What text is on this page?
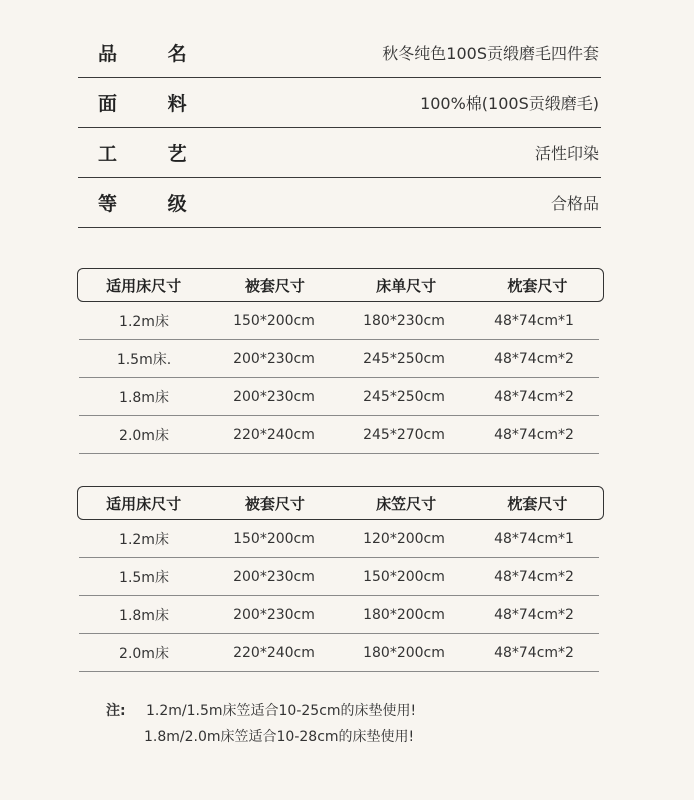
品 名	秋冬纯色100S贡缎磨毛四件套
面 料	100%棉(100S贡缎磨毛)
工 艺	活性印染
等 级	合格品
适用床尺寸	被套尺寸	床单尺寸	枕套尺寸
1.2m床	150*200cm	180*230cm	48*74cm*1
1.5m床.	200*230cm	245*250cm	48*74cm*2
1.8m床	200*230cm	245*250cm	48*74cm*2
2.0m床	220*240cm	245*270cm	48*74cm*2
适用床尺寸	被套尺寸	床笠尺寸	枕套尺寸
1.2m床	150*200cm	120*200cm	48*74cm*1
1.5m床	200*230cm	150*200cm	48*74cm*2
1.8m床	200*230cm	180*200cm	48*74cm*2
2.0m床	220*240cm	180*200cm	48*74cm*2
注: 1.2m/1.5m床笠适合10-25cm的床垫使用!
1.8m/2.0m床笠适合10-28cm的床垫使用!
